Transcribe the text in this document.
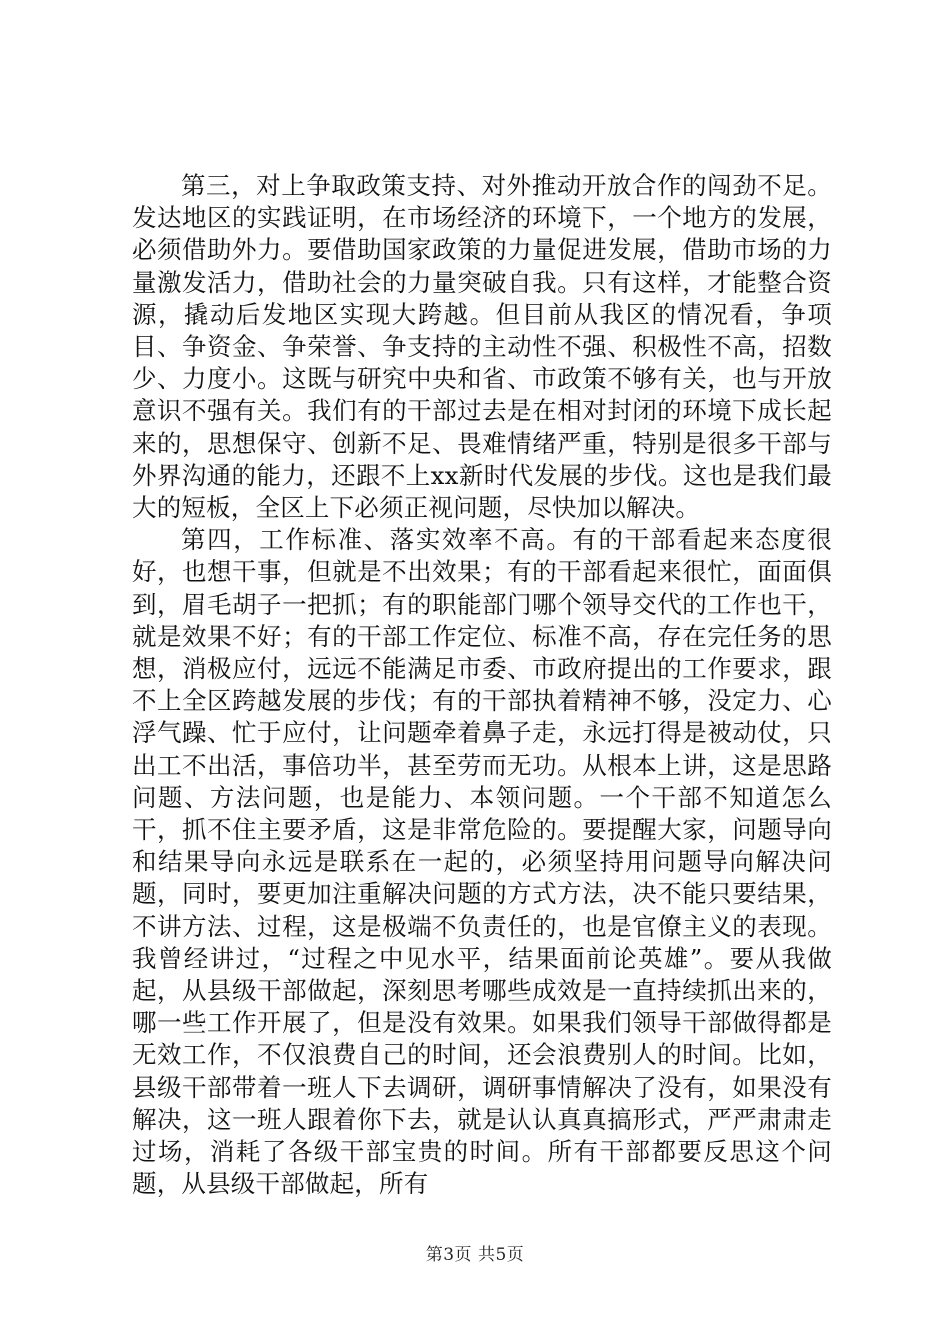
第三，对上争取政策支持、对外推动开放合作的闯劲不足。发达地区的实践证明，在市场经济的环境下，一个地方的发展，必须借助外力。要借助国家政策的力量促进发展，借助市场的力量激发活力，借助社会的力量突破自我。只有这样，才能整合资源，撬动后发地区实现大跨越。但目前从我区的情况看，争项目、争资金、争荣誉、争支持的主动性不强、积极性不高，招数少、力度小。这既与研究中央和省、市政策不够有关，也与开放意识不强有关。我们有的干部过去是在相对封闭的环境下成长起来的，思想保守、创新不足、畏难情绪严重，特别是很多干部与外界沟通的能力，还跟不上xx新时代发展的步伐。这也是我们最大的短板，全区上下必须正视问题，尽快加以解决。

第四，工作标准、落实效率不高。有的干部看起来态度很好，也想干事，但就是不出效果；有的干部看起来很忙，面面俱到，眉毛胡子一把抓；有的职能部门哪个领导交代的工作也干，就是效果不好；有的干部工作定位、标准不高，存在完任务的思想，消极应付，远远不能满足市委、市政府提出的工作要求，跟不上全区跨越发展的步伐；有的干部执着精神不够，没定力、心浮气躁、忙于应付，让问题牵着鼻子走，永远打得是被动仗，只出工不出活，事倍功半，甚至劳而无功。从根本上讲，这是思路问题、方法问题，也是能力、本领问题。一个干部不知道怎么干，抓不住主要矛盾，这是非常危险的。要提醒大家，问题导向和结果导向永远是联系在一起的，必须坚持用问题导向解决问题，同时，要更加注重解决问题的方式方法，决不能只要结果，不讲方法、过程，这是极端不负责任的，也是官僚主义的表现。我曾经讲过，“过程之中见水平，结果面前论英雄”。要从我做起，从县级干部做起，深刻思考哪些成效是一直持续抓出来的，哪一些工作开展了，但是没有效果。如果我们领导干部做得都是无效工作，不仅浪费自己的时间，还会浪费别人的时间。比如，县级干部带着一班人下去调研，调研事情解决了没有，如果没有解决，这一班人跟着你下去，就是认认真真搞形式，严严肃肃走过场，消耗了各级干部宝贵的时间。所有干部都要反思这个问题，从县级干部做起，所有

第3页 共5页
